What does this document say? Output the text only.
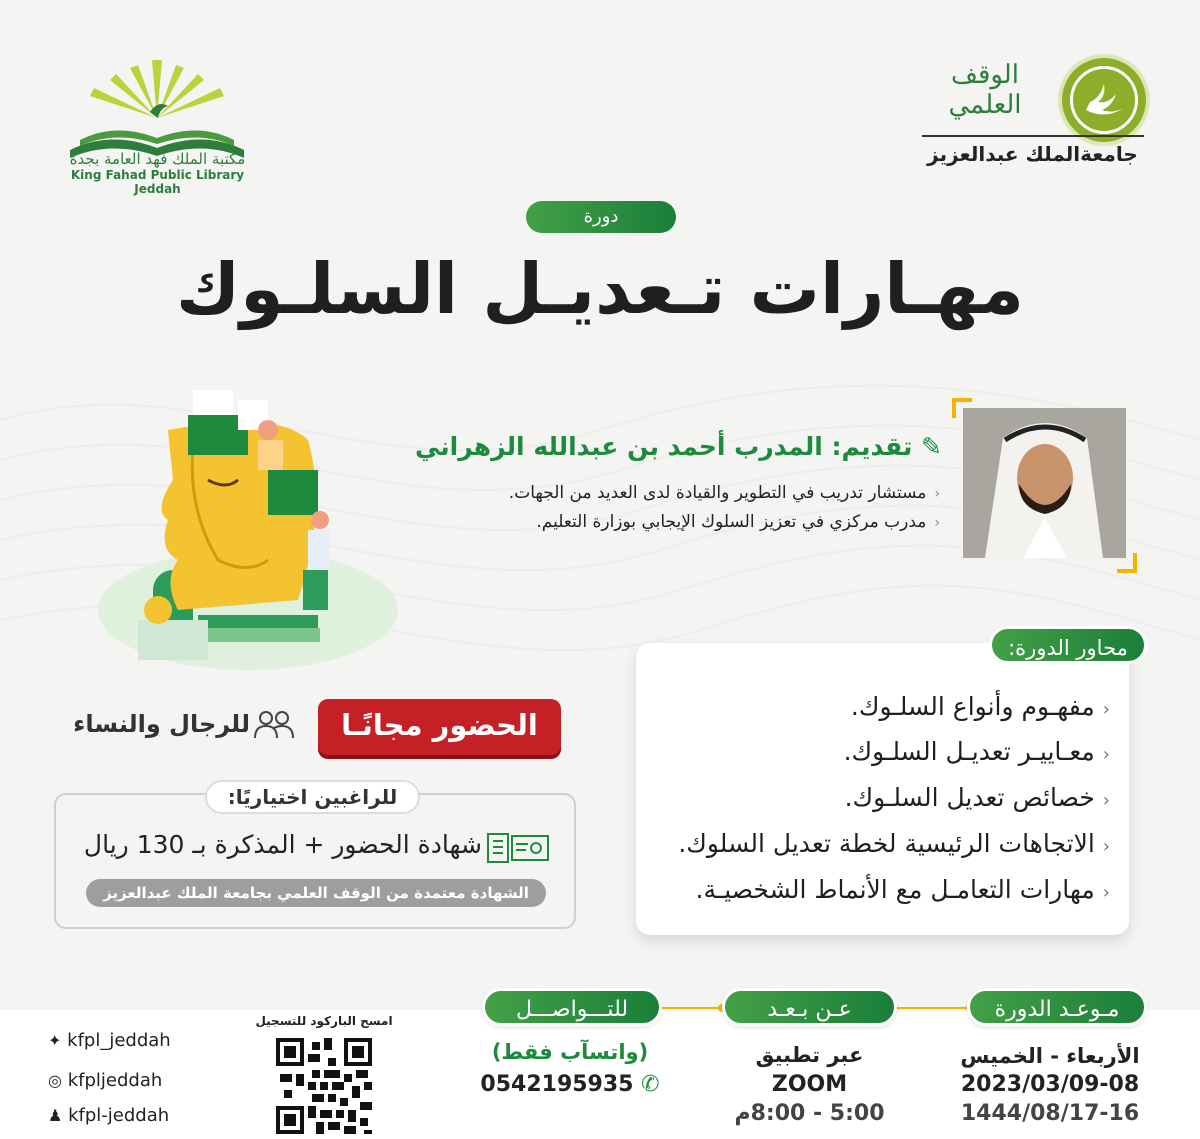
مكتبة الملك فهد العامة بجدة
King Fahad Public Library Jeddah
الوقف العلمي
جامعةالملك عبدالعزيز
دورة
مهـارات تـعديـل السلـوك
✎ تقديم: المدرب أحمد بن عبدالله الزهراني
‹مستشار تدريب في التطوير والقيادة لدى العديد من الجهات.
‹مدرب مركزي في تعزيز السلوك الإيجابي بوزارة التعليم.
محاور الدورة:
‹مفهـوم وأنواع السلـوك.
‹معـاييـر تعديـل السلـوك.
‹خصائص تعديل السلـوك.
‹الاتجاهات الرئيسية لخطة تعديل السلوك.
‹مهارات التعامـل مع الأنماط الشخصيـة.
الحضور مجانًـا
للرجال والنساء
للراغبين اختياريًا:
شهادة الحضور + المذكرة بـ 130 ريال
الشهادة معتمدة من الوقف العلمي بجامعة الملك عبدالعزيز
مـوعـد الدورة
الأربعاء - الخميس
2023/03/09-08
1444/08/17-16
عـن بـعـد
عبر تطبيق
ZOOM
5:00 - 8:00م
للتـــواصـــل
(واتسآب فقط)
0542195935 ✆
امسح الباركود للتسجيل
✦ kfpl_jeddah
◎ kfpljeddah
♟ kfpl-jeddah
